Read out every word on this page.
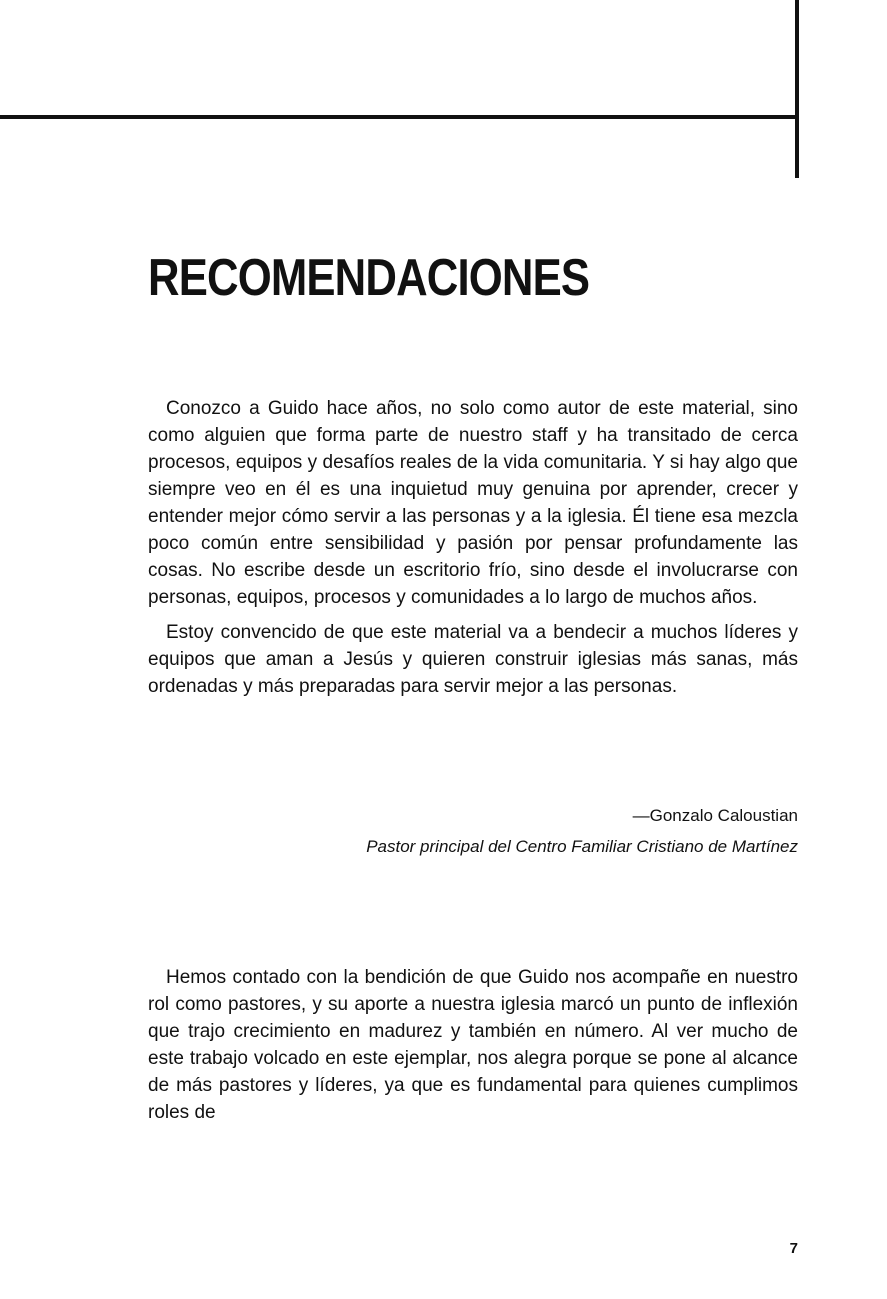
RECOMENDACIONES

Conozco a Guido hace años, no solo como autor de este material, sino como alguien que forma parte de nuestro staff y ha transitado de cerca procesos, equipos y desafíos reales de la vida comunitaria. Y si hay algo que siempre veo en él es una inquietud muy genuina por aprender, crecer y entender mejor cómo servir a las personas y a la iglesia. Él tiene esa mezcla poco común entre sensibilidad y pasión por pensar profundamente las cosas. No escribe desde un escritorio frío, sino desde el involucrarse con personas, equipos, procesos y comunidades a lo largo de muchos años.

Estoy convencido de que este material va a bendecir a muchos líderes y equipos que aman a Jesús y quieren construir iglesias más sanas, más ordenadas y más preparadas para servir mejor a las personas.

—Gonzalo Caloustian
Pastor principal del Centro Familiar Cristiano de Martínez

Hemos contado con la bendición de que Guido nos acompañe en nuestro rol como pastores, y su aporte a nuestra iglesia marcó un punto de inflexión que trajo crecimiento en madurez y también en número. Al ver mucho de este trabajo volcado en este ejemplar, nos alegra porque se pone al alcance de más pastores y líderes, ya que es fundamental para quienes cumplimos roles de

7
